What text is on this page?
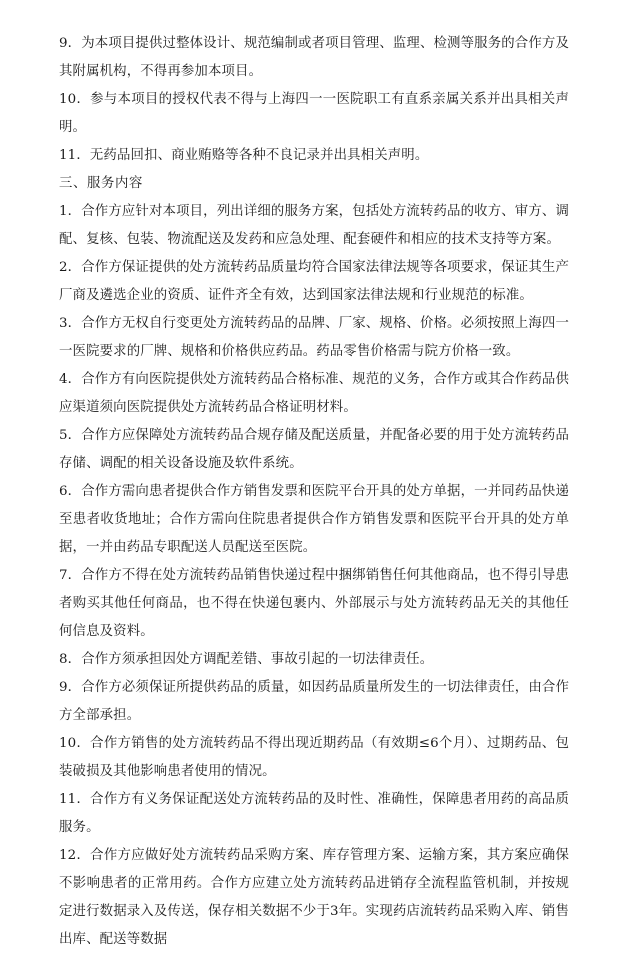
9．为本项目提供过整体设计、规范编制或者项目管理、监理、检测等服务的合作方及其附属机构，不得再参加本项目。

10．参与本项目的授权代表不得与上海四一一医院职工有直系亲属关系并出具相关声明。

11．无药品回扣、商业贿赂等各种不良记录并出具相关声明。

三、服务内容

1．合作方应针对本项目，列出详细的服务方案，包括处方流转药品的收方、审方、调配、复核、包装、物流配送及发药和应急处理、配套硬件和相应的技术支持等方案。

2．合作方保证提供的处方流转药品质量均符合国家法律法规等各项要求，保证其生产厂商及遴选企业的资质、证件齐全有效，达到国家法律法规和行业规范的标准。

3．合作方无权自行变更处方流转药品的品牌、厂家、规格、价格。必须按照上海四一一医院要求的厂牌、规格和价格供应药品。药品零售价格需与院方价格一致。

4．合作方有向医院提供处方流转药品合格标准、规范的义务，合作方或其合作药品供应渠道须向医院提供处方流转药品合格证明材料。

5．合作方应保障处方流转药品合规存储及配送质量，并配备必要的用于处方流转药品存储、调配的相关设备设施及软件系统。

6．合作方需向患者提供合作方销售发票和医院平台开具的处方单据，一并同药品快递至患者收货地址；合作方需向住院患者提供合作方销售发票和医院平台开具的处方单据，一并由药品专职配送人员配送至医院。

7．合作方不得在处方流转药品销售快递过程中捆绑销售任何其他商品，也不得引导患者购买其他任何商品，也不得在快递包裹内、外部展示与处方流转药品无关的其他任何信息及资料。

8．合作方须承担因处方调配差错、事故引起的一切法律责任。

9．合作方必须保证所提供药品的质量，如因药品质量所发生的一切法律责任，由合作方全部承担。

10．合作方销售的处方流转药品不得出现近期药品（有效期≤6个月）、过期药品、包装破损及其他影响患者使用的情况。

11．合作方有义务保证配送处方流转药品的及时性、准确性，保障患者用药的高品质服务。

12．合作方应做好处方流转药品采购方案、库存管理方案、运输方案，其方案应确保不影响患者的正常用药。合作方应建立处方流转药品进销存全流程监管机制，并按规定进行数据录入及传送，保存相关数据不少于3年。实现药店流转药品采购入库、销售出库、配送等数据
